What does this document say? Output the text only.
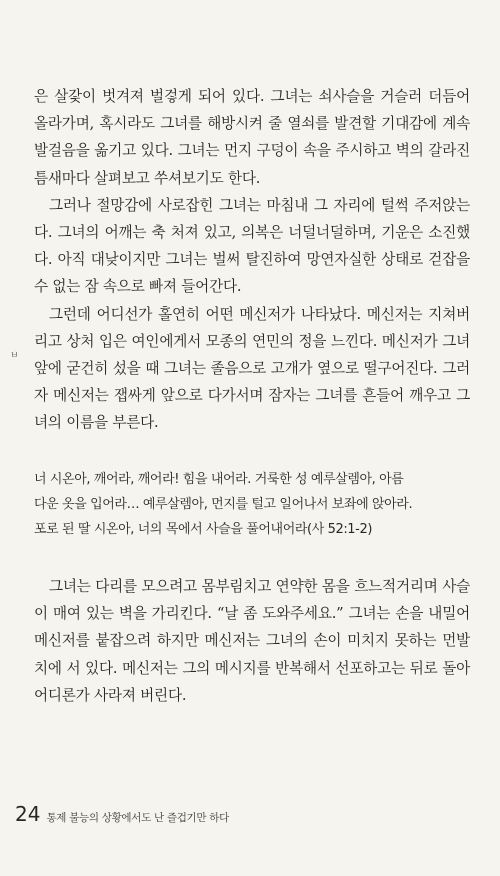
은 살갗이 벗겨져 벌겋게 되어 있다. 그녀는 쇠사슬을 거슬러 더듬어 올라가며, 혹시라도 그녀를 해방시켜 줄 열쇠를 발견할 기대감에 계속 발걸음을 옮기고 있다. 그녀는 먼지 구덩이 속을 주시하고 벽의 갈라진 틈새마다 살펴보고 쑤셔보기도 한다.

그러나 절망감에 사로잡힌 그녀는 마침내 그 자리에 털썩 주저앉는다. 그녀의 어깨는 축 처져 있고, 의복은 너덜너덜하며, 기운은 소진했다. 아직 대낮이지만 그녀는 벌써 탈진하여 망연자실한 상태로 걷잡을 수 없는 잠 속으로 빠져 들어간다.

그런데 어디선가 홀연히 어떤 메신저가 나타났다. 메신저는 지쳐버리고 상처 입은 여인에게서 모종의 연민의 정을 느낀다. 메신저가 그녀 앞에 굳건히 섰을 때 그녀는 졸음으로 고개가 옆으로 떨구어진다. 그러자 메신저는 잽싸게 앞으로 다가서며 잠자는 그녀를 흔들어 깨우고 그녀의 이름을 부른다.

ㅂ

너 시온아, 깨어라, 깨어라! 힘을 내어라. 거룩한 성 예루살렘아, 아름

다운 옷을 입어라… 예루살렘아, 먼지를 털고 일어나서 보좌에 앉아라.

포로 된 딸 시온아, 너의 목에서 사슬을 풀어내어라(사 52:1-2)

그녀는 다리를 모으려고 몸부림치고 연약한 몸을 흐느적거리며 사슬이 매여 있는 벽을 가리킨다. “날 좀 도와주세요.” 그녀는 손을 내밀어 메신저를 붙잡으려 하지만 메신저는 그녀의 손이 미치지 못하는 먼발치에 서 있다. 메신저는 그의 메시지를 반복해서 선포하고는 뒤로 돌아 어디론가 사라져 버린다.

24 통제 불능의 상황에서도 난 즐겁기만 하다
